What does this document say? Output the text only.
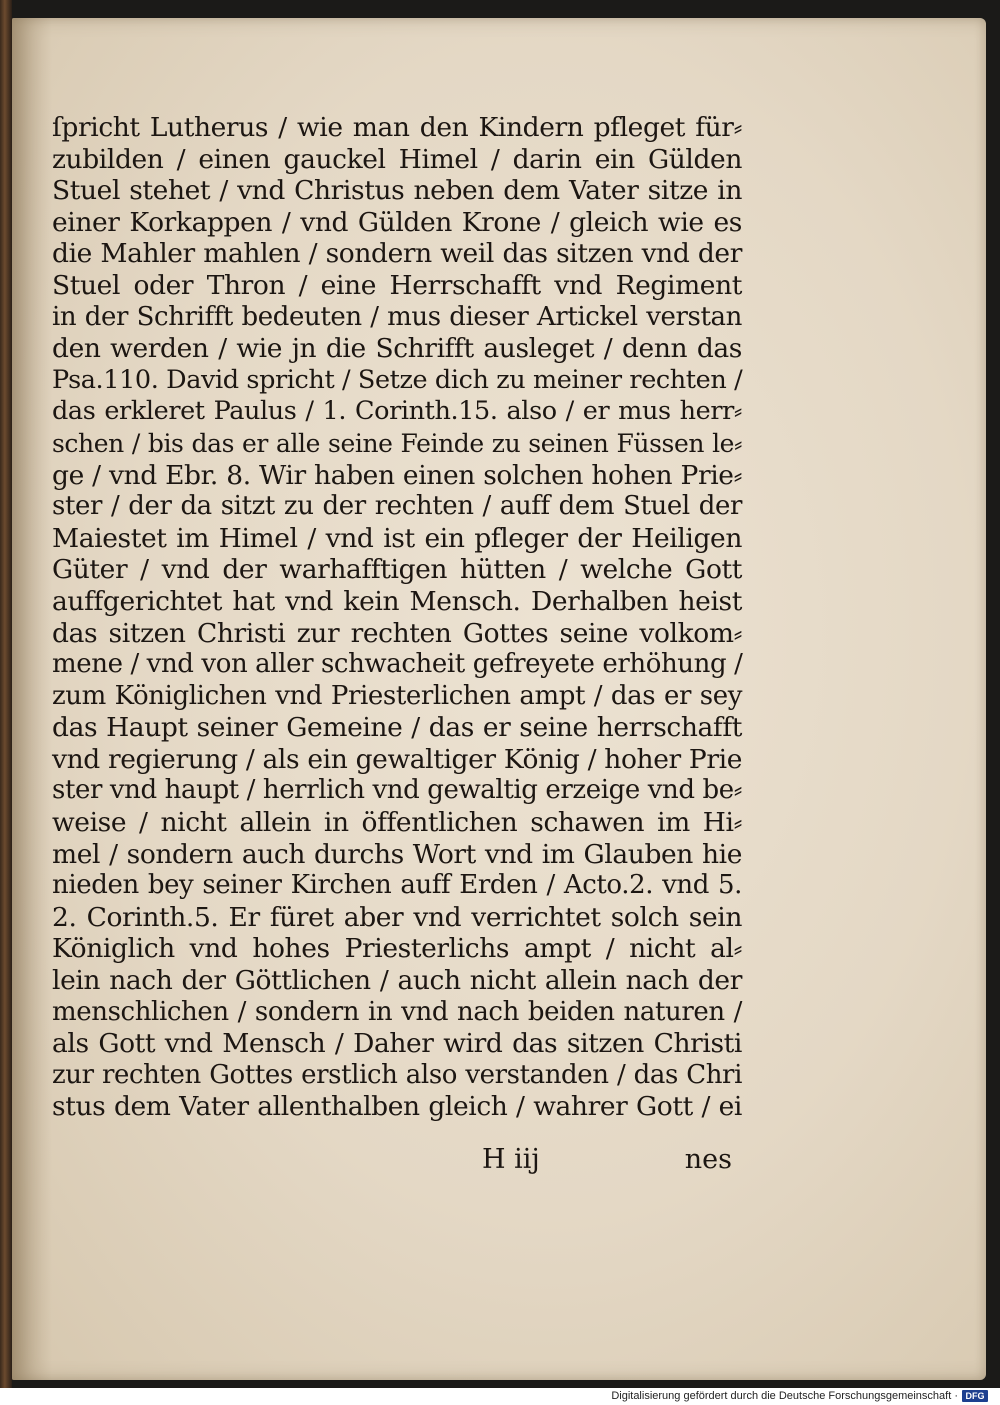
ſpricht Lutherus / wie man den Kindern pfleget für⸗
zubilden / einen gauckel Himel / darin ein Gülden
Stuel stehet / vnd Christus neben dem Vater sitze in
einer Korkappen / vnd Gülden Krone / gleich wie es
die Mahler mahlen / sondern weil das sitzen vnd der
Stuel oder Thron / eine Herrschafft vnd Regiment
in der Schrifft bedeuten / mus dieser Artickel verstan
den werden / wie jn die Schrifft ausleget / denn das
Psa.110. David spricht / Setze dich zu meiner rechten /
das erkleret Paulus / 1. Corinth.15. also / er mus herr⸗
schen / bis das er alle seine Feinde zu seinen Füssen le⸗
ge / vnd Ebr. 8. Wir haben einen solchen hohen Prie⸗
ster / der da sitzt zu der rechten / auff dem Stuel der
Maiestet im Himel / vnd ist ein pfleger der Heiligen
Güter / vnd der warhafftigen hütten / welche Gott
auffgerichtet hat vnd kein Mensch. Derhalben heist
das sitzen Christi zur rechten Gottes seine volkom⸗
mene / vnd von aller schwacheit gefreyete erhöhung /
zum Königlichen vnd Priesterlichen ampt / das er sey
das Haupt seiner Gemeine / das er seine herrschafft
vnd regierung / als ein gewaltiger König / hoher Prie
ster vnd haupt / herrlich vnd gewaltig erzeige vnd be⸗
weise / nicht allein in öffentlichen schawen im Hi⸗
mel / sondern auch durchs Wort vnd im Glauben hie
nieden bey seiner Kirchen auff Erden / Acto.2. vnd 5.
2. Corinth.5. Er füret aber vnd verrichtet solch sein
Königlich vnd hohes Priesterlichs ampt / nicht al⸗
lein nach der Göttlichen / auch nicht allein nach der
menschlichen / sondern in vnd nach beiden naturen /
als Gott vnd Mensch / Daher wird das sitzen Christi
zur rechten Gottes erstlich also verstanden / das Chri
stus dem Vater allenthalben gleich / wahrer Gott / ei
H iij	nes
Digitalisierung gefördert durch die Deutsche Forschungsgemeinschaft · DFG
